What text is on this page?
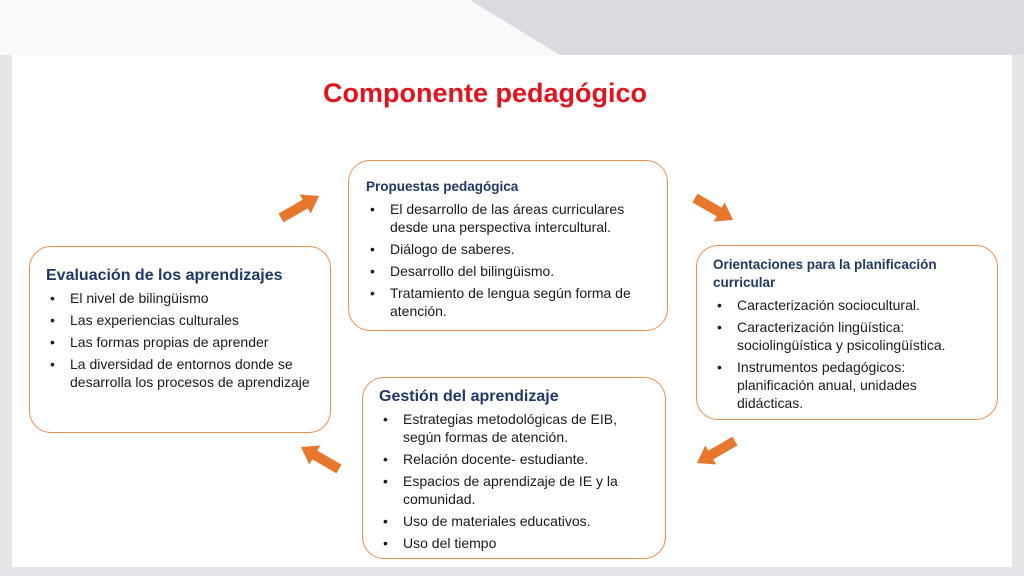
Componente pedagógico
Propuestas pedagógica
• El desarrollo de las áreas curriculares desde una perspectiva intercultural.
• Diálogo de saberes.
• Desarrollo del bilingüismo.
• Tratamiento de lengua según forma de atención.
Orientaciones para la planificación curricular
• Caracterización sociocultural.
• Caracterización lingüística: sociolingüística y psicolingüística.
• Instrumentos pedagógicos: planificación anual, unidades didácticas.
Gestión del aprendizaje
• Estrategias metodológicas de EIB, según formas de atención.
• Relación docente- estudiante.
• Espacios de aprendizaje de IE y la comunidad.
• Uso de materiales educativos.
• Uso del tiempo
Evaluación de los aprendizajes
• El nivel de bilingüismo
• Las experiencias culturales
• Las formas propias de aprender
• La diversidad de entornos donde se desarrolla los procesos de aprendizaje
